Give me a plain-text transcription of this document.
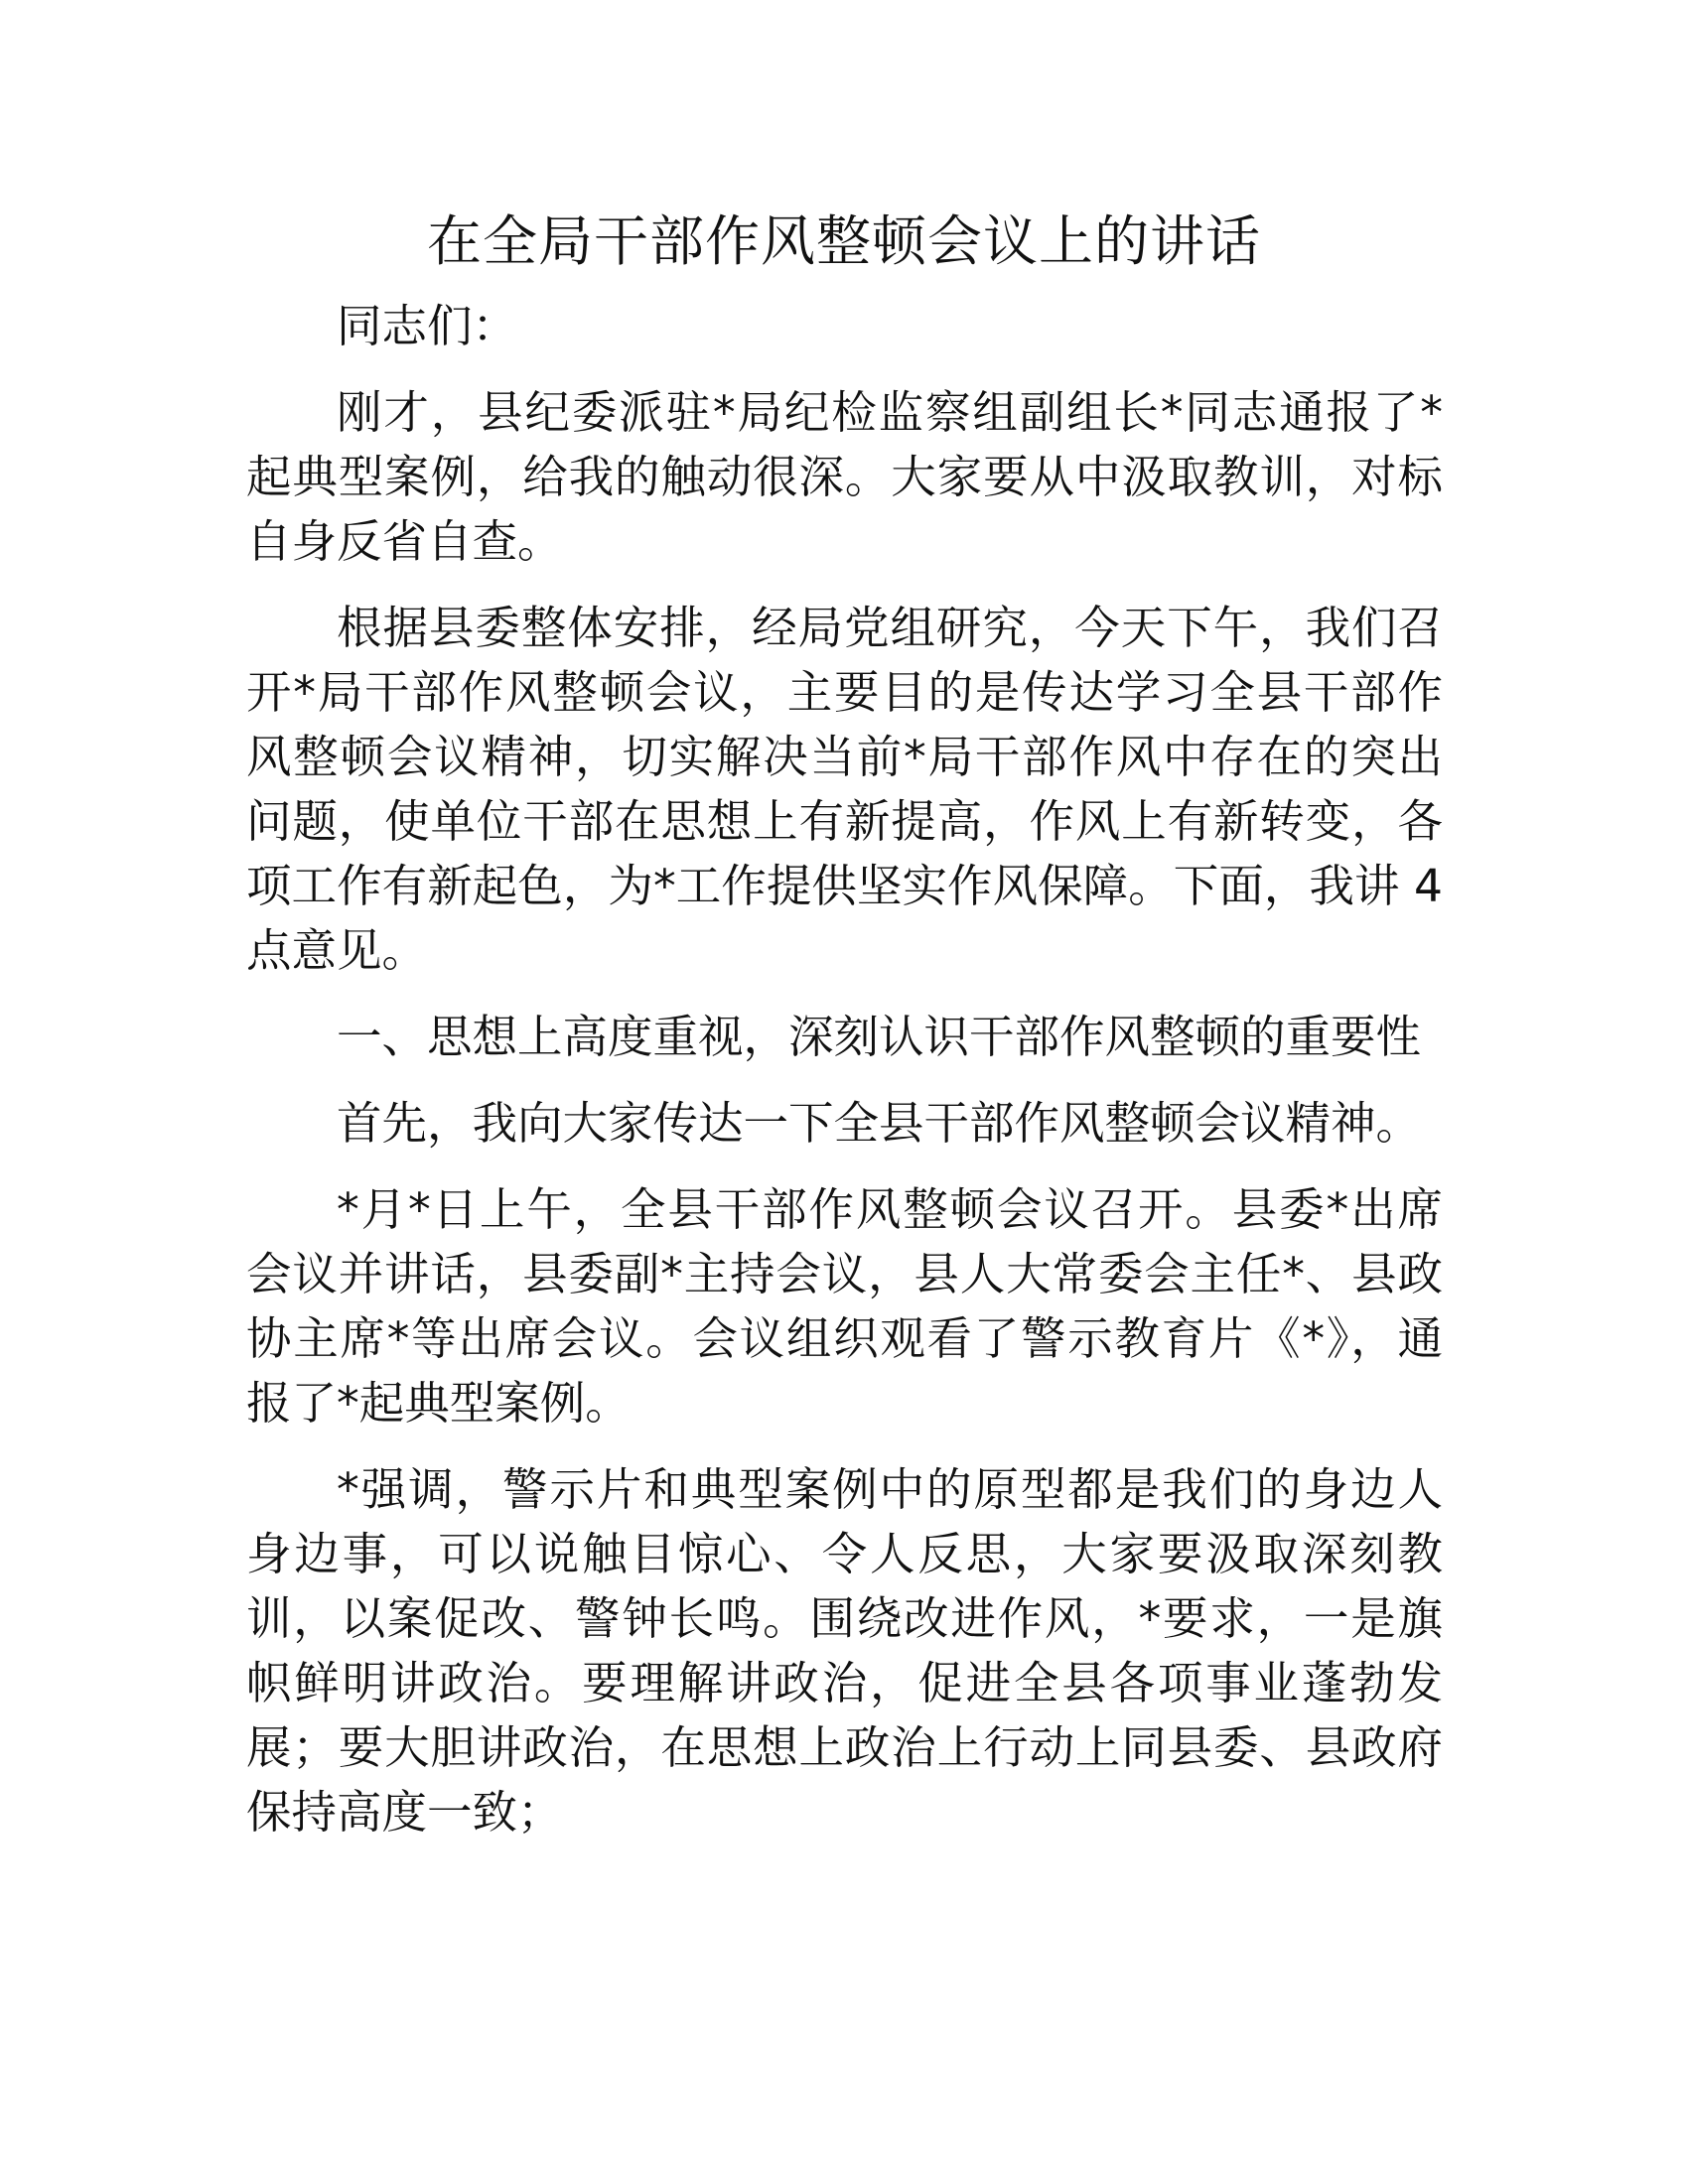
在全局干部作风整顿会议上的讲话

同志们：

刚才，县纪委派驻*局纪检监察组副组长*同志通报了*起典型案例，给我的触动很深。大家要从中汲取教训，对标自身反省自查。

根据县委整体安排，经局党组研究，今天下午，我们召开*局干部作风整顿会议，主要目的是传达学习全县干部作风整顿会议精神，切实解决当前*局干部作风中存在的突出问题，使单位干部在思想上有新提高，作风上有新转变，各项工作有新起色，为*工作提供坚实作风保障。下面，我讲 4 点意见。

一、思想上高度重视，深刻认识干部作风整顿的重要性

首先，我向大家传达一下全县干部作风整顿会议精神。

*月*日上午，全县干部作风整顿会议召开。县委*出席会议并讲话，县委副*主持会议，县人大常委会主任*、县政协主席*等出席会议。会议组织观看了警示教育片《*》，通报了*起典型案例。

*强调，警示片和典型案例中的原型都是我们的身边人身边事，可以说触目惊心、令人反思，大家要汲取深刻教训，以案促改、警钟长鸣。围绕改进作风，*要求，一是旗帜鲜明讲政治。要理解讲政治，促进全县各项事业蓬勃发展；要大胆讲政治，在思想上政治上行动上同县委、县政府保持高度一致；
